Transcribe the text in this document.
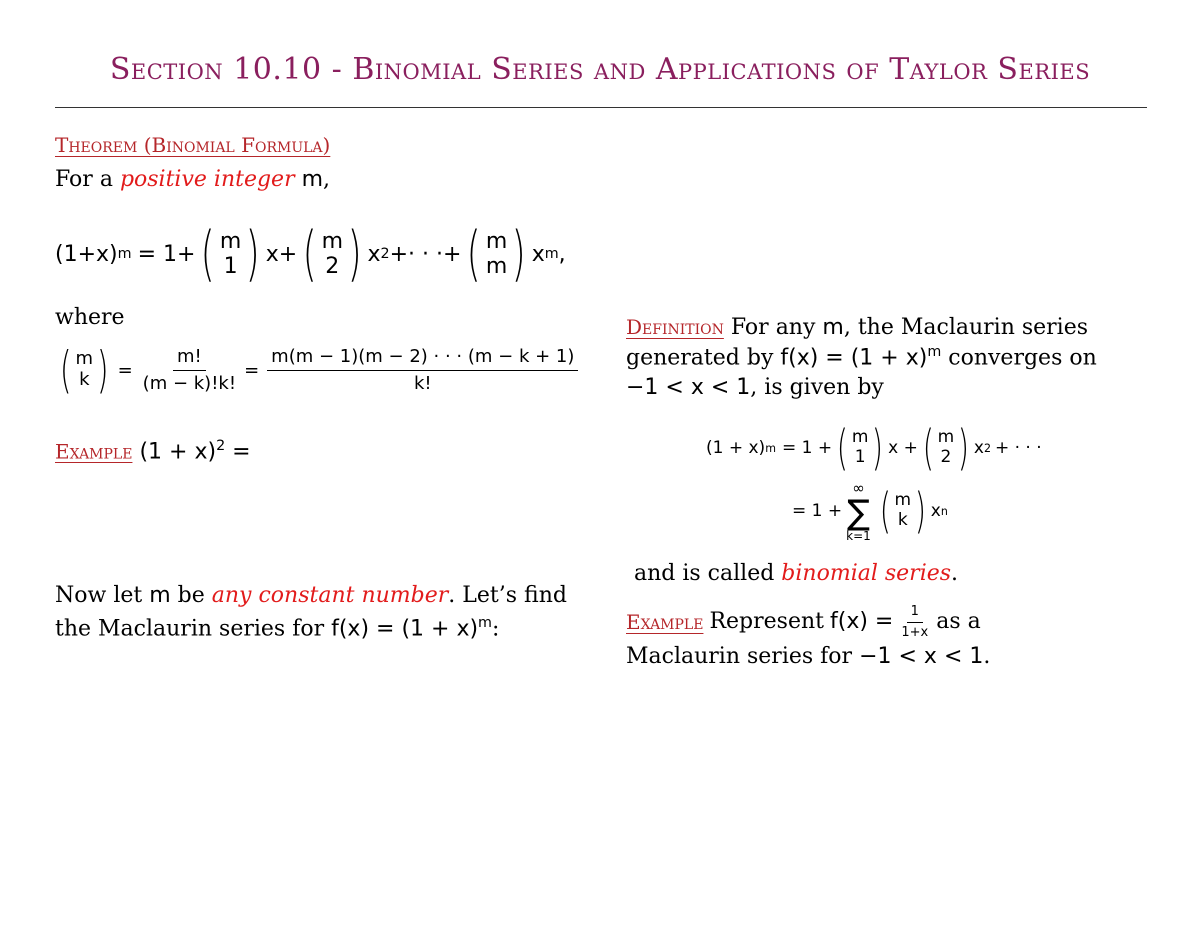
Section 10.10 - Binomial Series and Applications of Taylor Series
Theorem (Binomial Formula)
For a positive integer m,
(1+x) m = 1+ ( m
1 ) x+ ( m
2 ) x 2 +· · ·+ ( m
m ) x m ,
where
( m
k ) = $\frac{m!}{(m - k)!k!} = \frac{m(m - 1)(m - 2) \cdot \cdot \cdot (m - k + 1)}{k!}$
Example $(1 + x)^2$ =
Now let m be any constant number. Let’s find
the Maclaurin series for $f(x) = (1 + x)^m$:
Definition For any m, the Maclaurin series
generated by $f(x) = (1 + x)^m$ converges on
−1 < x < 1, is given by
(1 + x) m = 1 + ( m
1 ) x + ( m
2 ) x 2 + · · ·
= 1 +
∞
∑
k=1 ( m
k ) x n
and is called binomial series.
Example Represent $f(x) = \frac{1}{1+x}$ as a
Maclaurin series for −1 < x < 1.
